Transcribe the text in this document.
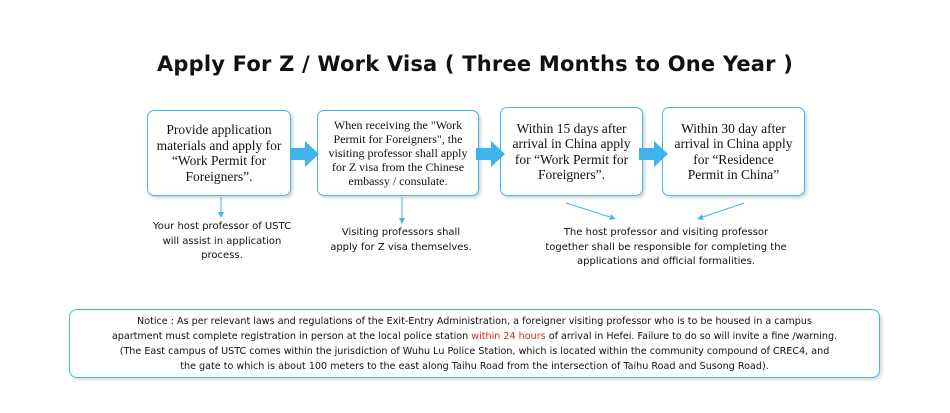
Apply For Z / Work Visa ( Three Months to One Year )
Provide application
materials and apply for
“Work Permit for
Foreigners”.
When receiving the "Work
Permit for Foreigners", the
visiting professor shall apply
for Z visa from the Chinese
embassy / consulate.
Within 15 days after
arrival in China apply
for “Work Permit for
Foreigners”.
Within 30 day after
arrival in China apply
for “Residence
Permit in China”
Your host professor of USTC
will assist in application
process.
Visiting professors shall
apply for Z visa themselves.
The host professor and visiting professor
together shall be responsible for completing the
applications and official formalities.
Notice : As per relevant laws and regulations of the Exit-Entry Administration, a foreigner visiting professor who is to be housed in a campus
apartment must complete registration in person at the local police station within 24 hours of arrival in Hefei. Failure to do so will invite a fine /warning.
(The East campus of USTC comes within the jurisdiction of Wuhu Lu Police Station, which is located within the community compound of CREC4, and
the gate to which is about 100 meters to the east along Taihu Road from the intersection of Taihu Road and Susong Road).
